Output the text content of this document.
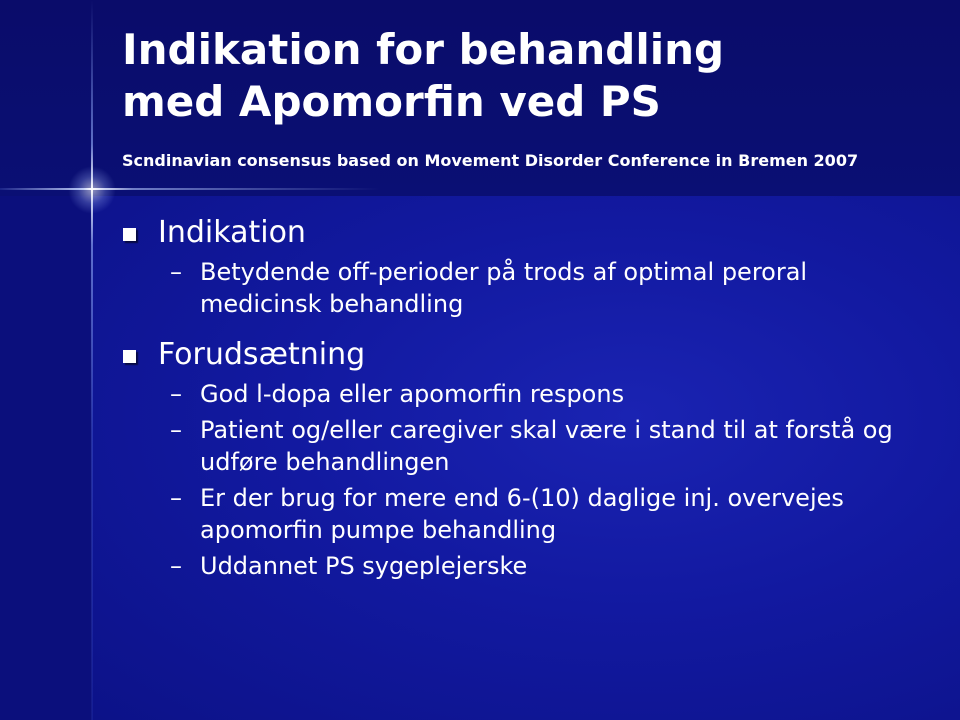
Indikation for behandling
med Apomorfin ved PS
Scndinavian consensus based on Movement Disorder Conference in Bremen 2007
Indikation
– Betydende off-perioder på trods af optimal peroral medicinsk behandling
Forudsætning
– God l-dopa eller apomorfin respons
– Patient og/eller caregiver skal være i stand til at forstå og udføre behandlingen
– Er der brug for mere end 6-(10) daglige inj. overvejes apomorfin pumpe behandling
– Uddannet PS sygeplejerske
